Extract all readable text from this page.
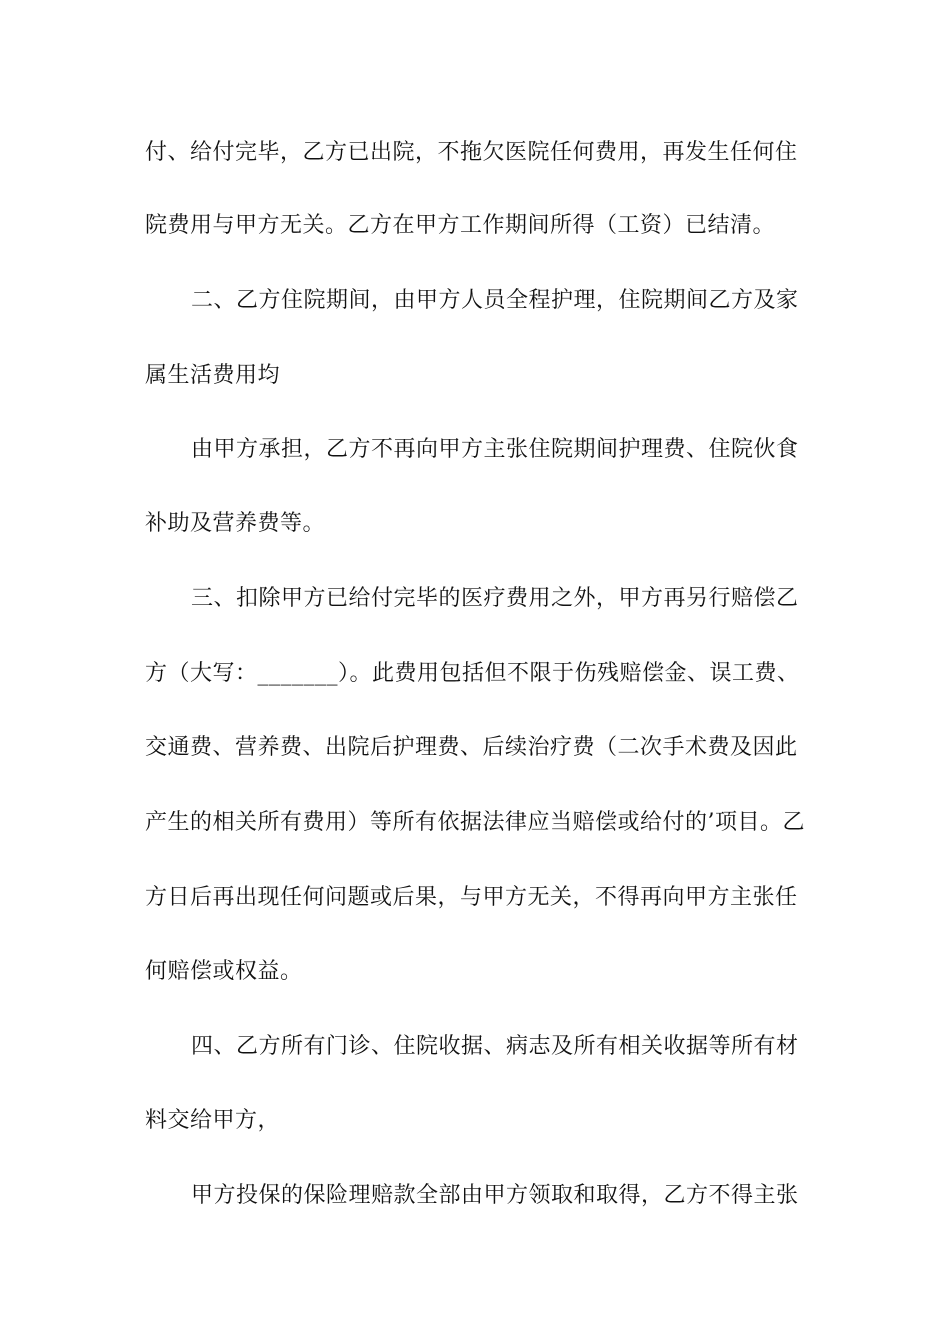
付、给付完毕，乙方已出院，不拖欠医院任何费用，再发生任何住
院费用与甲方无关。乙方在甲方工作期间所得（工资）已结清。
二、乙方住院期间，由甲方人员全程护理，住院期间乙方及家
属生活费用均
由甲方承担，乙方不再向甲方主张住院期间护理费、住院伙食
补助及营养费等。
三、扣除甲方已给付完毕的医疗费用之外，甲方再另行赔偿乙
方（大写：_______）。此费用包括但不限于伤残赔偿金、误工费、
交通费、营养费、出院后护理费、后续治疗费（二次手术费及因此
产生的相关所有费用）等所有依据法律应当赔偿或给付的’项目。乙
方日后再出现任何问题或后果，与甲方无关，不得再向甲方主张任
何赔偿或权益。
四、乙方所有门诊、住院收据、病志及所有相关收据等所有材
料交给甲方，
甲方投保的保险理赔款全部由甲方领取和取得，乙方不得主张
